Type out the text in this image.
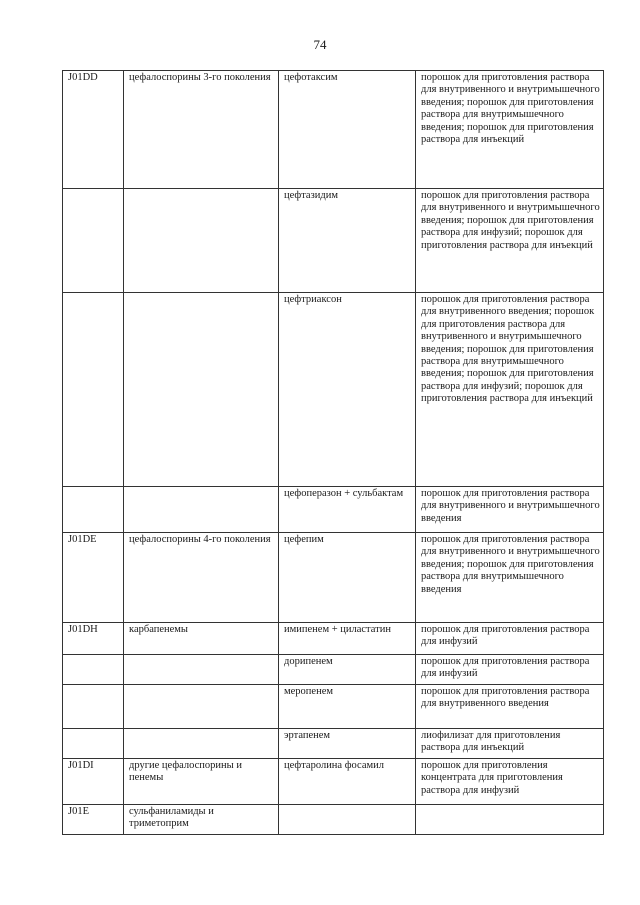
74
J01DD	цефалоспорины 3-го поколения	цефотаксим	порошок для приготовления раствора для внутривенного и внутримышечного введения; порошок для приготовления раствора для внутримышечного введения; порошок для приготовления раствора для инъекций
		цефтазидим	порошок для приготовления раствора для внутривенного и внутримышечного введения; порошок для приготовления раствора для инфузий; порошок для приготовления раствора для инъекций
		цефтриаксон	порошок для приготовления раствора для внутривенного введения; порошок для приготовления раствора для внутривенного и внутримышечного введения; порошок для приготовления раствора для внутримышечного введения; порошок для приготовления раствора для инфузий; порошок для приготовления раствора для инъекций
		цефоперазон + сульбактам	порошок для приготовления раствора для внутривенного и внутримышечного введения
J01DE	цефалоспорины 4-го поколения	цефепим	порошок для приготовления раствора для внутривенного и внутримышечного введения; порошок для приготовления раствора для внутримышечного введения
J01DH	карбапенемы	имипенем + циластатин	порошок для приготовления раствора для инфузий
		дорипенем	порошок для приготовления раствора для инфузий
		меропенем	порошок для приготовления раствора для внутривенного введения
		эртапенем	лиофилизат для приготовления раствора для инъекций
J01DI	другие цефалоспорины и пенемы	цефтаролина фосамил	порошок для приготовления концентрата для приготовления раствора для инфузий
J01E	сульфаниламиды и триметоприм		
